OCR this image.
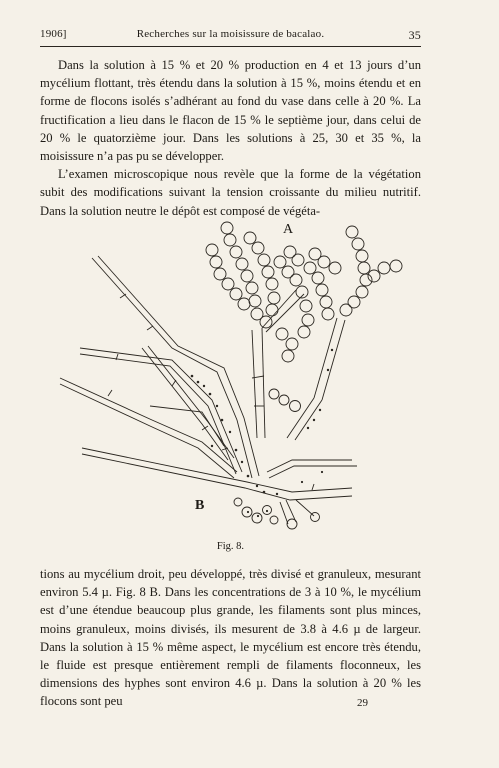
1906]	Recherches sur la moisissure de bacalao.	35

Dans la solution à 15 % et 20 % production en 4 et 13 jours d’un mycélium flottant, très étendu dans la solution à 15 %, moins étendu et en forme de flocons isolés s’adhérant au fond du vase dans celle à 20 %. La fructification a lieu dans le flacon de 15 % le septième jour, dans celui de 20 % le quatorzième jour. Dans les solutions à 25, 30 et 35 %, la moisissure n’a pas pu se développer.

L’examen microscopique nous revèle que la forme de la végétation subit des modifications suivant la tension croissante du milieu nutritif. Dans la solution neutre le dépôt est composé de végéta-

A
B
Fig. 8.

tions au mycélium droit, peu développé, très divisé et granuleux, mesurant environ 5.4 µ. Fig. 8 B. Dans les concentrations de 3 à 10 %, le mycélium est d’une étendue beaucoup plus grande, les filaments sont plus minces, moins granuleux, moins divisés, ils mesurent de 3.8 à 4.6 µ de largeur. Dans la solution à 15 % même aspect, le mycélium est encore très étendu, le fluide est presque entièrement rempli de filaments floconneux, les dimensions des hyphes sont environ 4.6 µ. Dans la solution à 20 % les flocons sont peu	29
